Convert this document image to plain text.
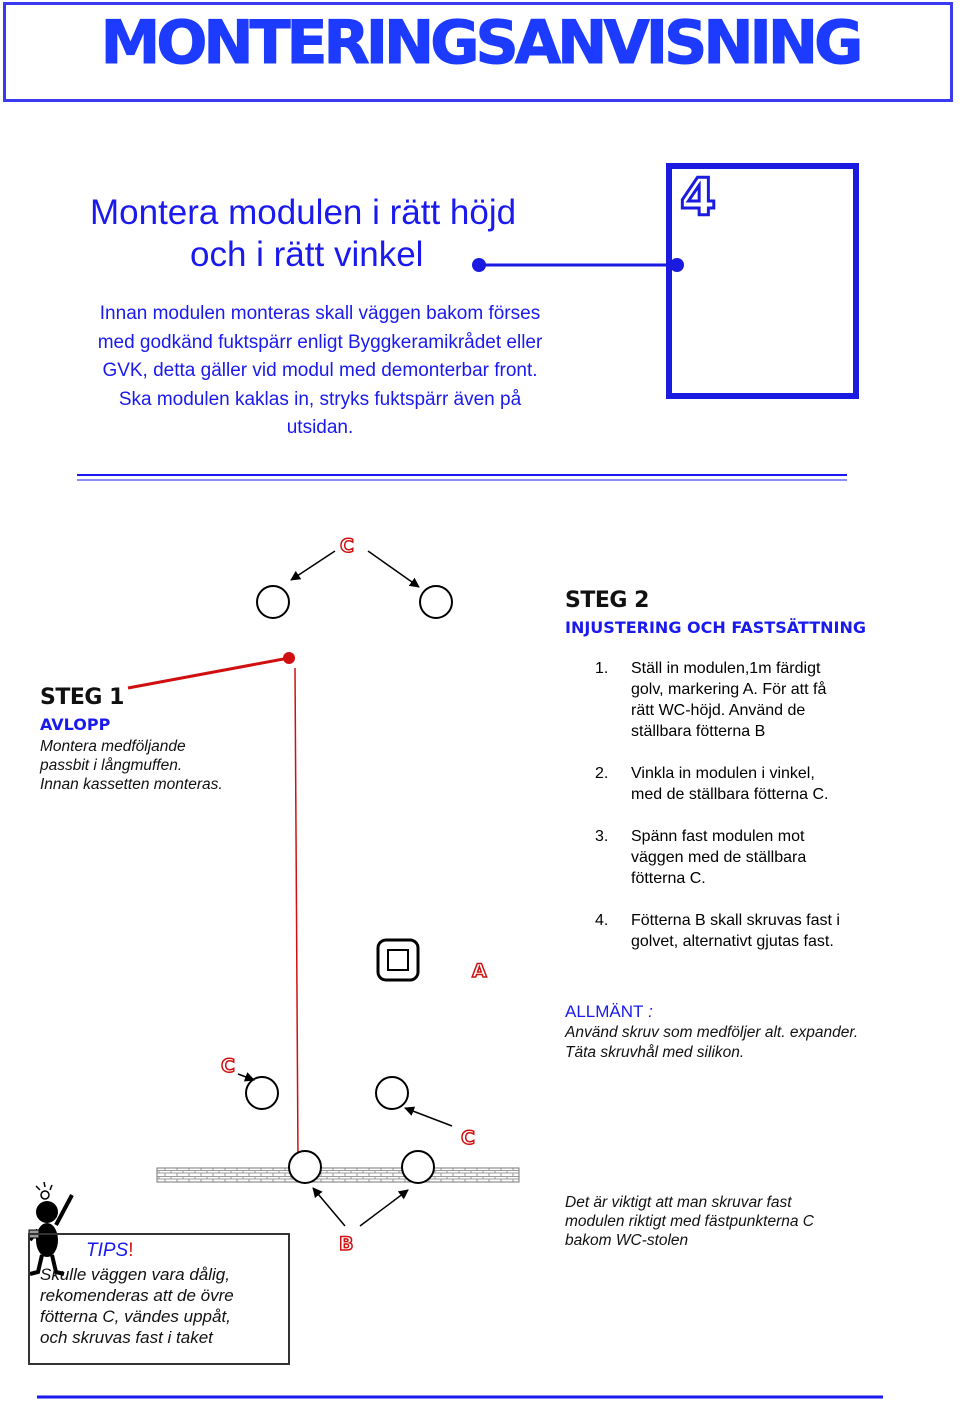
MONTERINGSANVISNING
Montera modulen i rätt höjd
och i rätt vinkel
Innan modulen monteras skall väggen bakom förses
med godkänd fuktspärr enligt Byggkeramikrådet eller
GVK, detta gäller vid modul med demonterbar front.
Ska modulen kaklas in, stryks fuktspärr även på
utsidan.
4
C
A
C
C
B
STEG 1
AVLOPP
Montera medföljande
passbit i långmuffen.
Innan kassetten monteras.
STEG 2
INJUSTERING OCH FASTSÄTTNING
1.	Ställ in modulen,1m färdigt
golv, markering A. För att få
rätt WC-höjd. Använd de
ställbara fötterna B
2.	Vinkla in modulen i vinkel,
med de ställbara fötterna C.
3.	Spänn fast modulen mot
väggen med de ställbara
fötterna C.
4.	Fötterna B skall skruvas fast i
golvet, alternativt gjutas fast.
ALLMÄNT :
Använd skruv som medföljer alt. expander.
Täta skruvhål med silikon.
Det är viktigt att man skruvar fast
modulen riktigt med fästpunkterna C
bakom WC-stolen
TIPS!
Skulle väggen vara dålig,
rekomenderas att de övre
fötterna C, vändes uppåt,
och skruvas fast i taket
